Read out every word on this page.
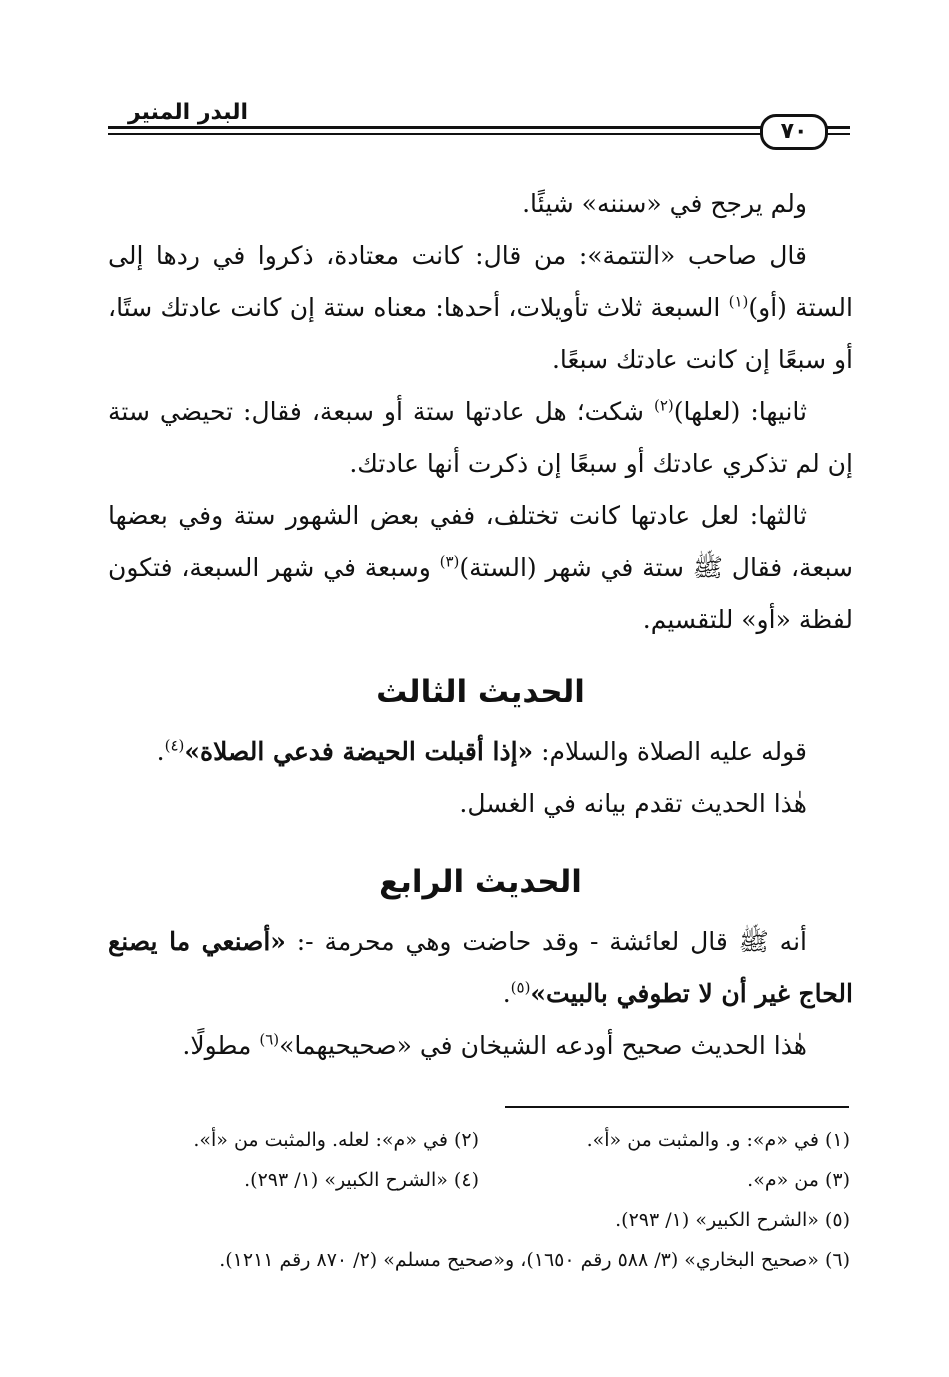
البدر المنير
٧٠

ولم يرجح في «سننه» شيئًا.

قال صاحب «التتمة»: من قال: كانت معتادة، ذكروا في ردها إلى الستة (أو)$^{(١)}$ السبعة ثلاث تأويلات، أحدها: معناه ستة إن كانت عادتك ستًا، أو سبعًا إن كانت عادتك سبعًا.

ثانيها: (لعلها)$^{(٢)}$ شكت؛ هل عادتها ستة أو سبعة، فقال: تحيضي ستة إن لم تذكري عادتك أو سبعًا إن ذكرت أنها عادتك.

ثالثها: لعل عادتها كانت تختلف، ففي بعض الشهور ستة وفي بعضها سبعة، فقال ﷺ ستة في شهر (الستة)$^{(٣)}$ وسبعة في شهر السبعة، فتكون لفظة «أو» للتقسيم.

الحديث الثالث

قوله عليه الصلاة والسلام: «إذا أقبلت الحيضة فدعي الصلاة»$^{(٤)}$.

هٰذا الحديث تقدم بيانه في الغسل.

الحديث الرابع

أنه ﷺ قال لعائشة - وقد حاضت وهي محرمة -: «أصنعي ما يصنع الحاج غير أن لا تطوفي بالبيت»$^{(٥)}$.

هٰذا الحديث صحيح أودعه الشيخان في «صحيحيهما»$^{(٦)}$ مطولًا.

(١) في «م»: و. والمثبت من «أ».
(٢) في «م»: لعله. والمثبت من «أ».
(٣) من «م».
(٤) «الشرح الكبير» (١/ ٢٩٣).
(٥) «الشرح الكبير» (١/ ٢٩٣).
(٦) «صحيح البخاري» (٣/ ٥٨٨ رقم ١٦٥٠)، و«صحيح مسلم» (٢/ ٨٧٠ رقم ١٢١١).
